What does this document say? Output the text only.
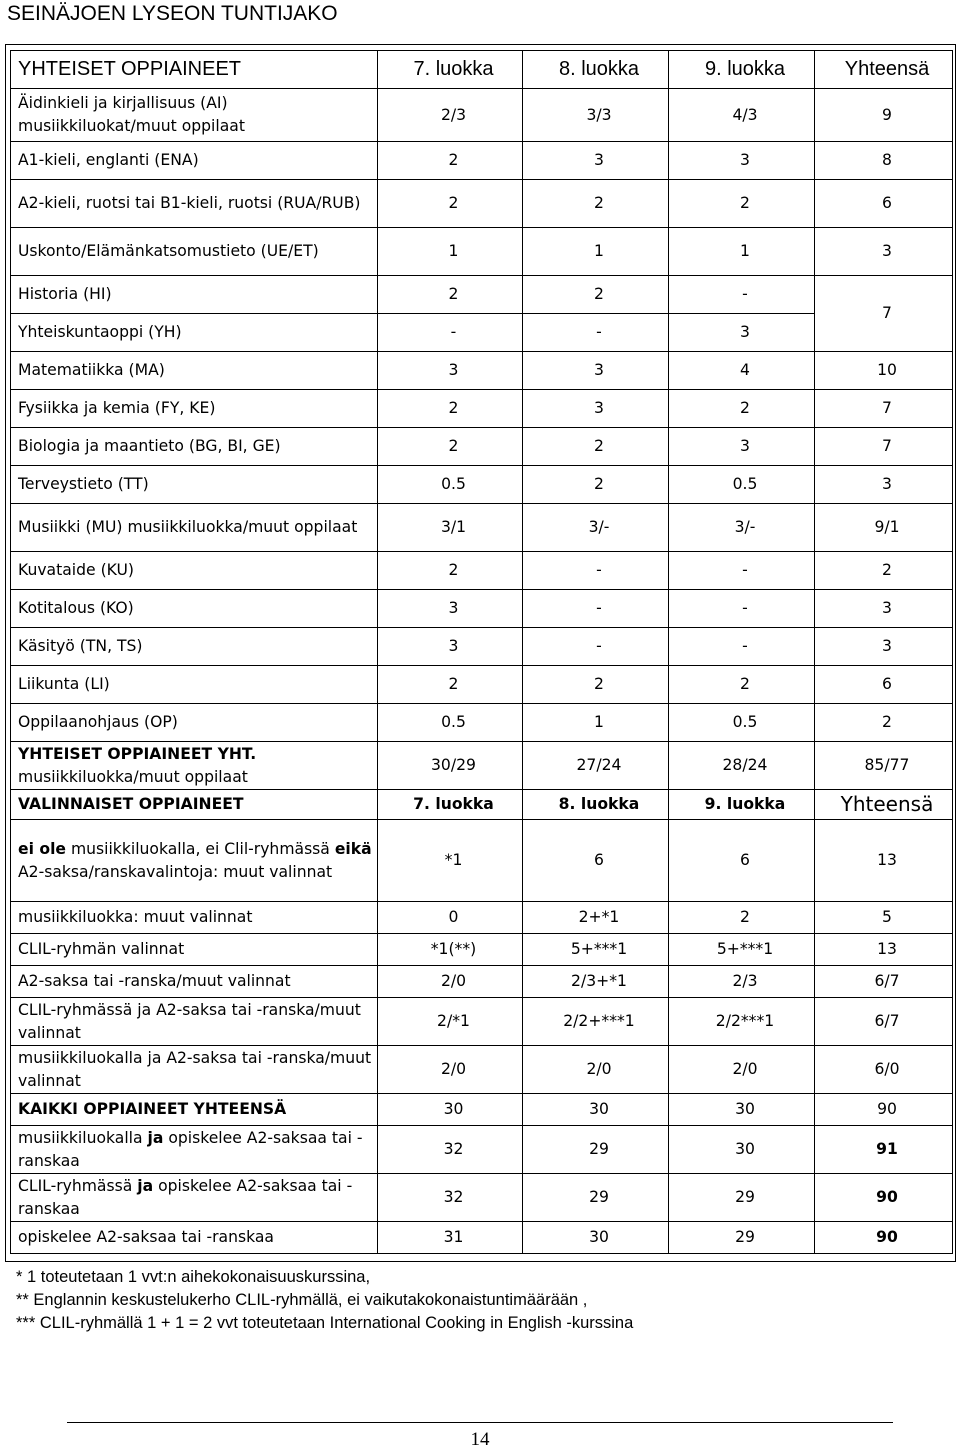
SEINÄJOEN LYSEON TUNTIJAKO
YHTEISET OPPIAINEET	7. luokka	8. luokka	9. luokka	Yhteensä
Äidinkieli ja kirjallisuus (AI) musiikkiluokat/muut oppilaat	2/3	3/3	4/3	9
A1-kieli, englanti (ENA)	2	3	3	8
A2-kieli, ruotsi tai B1-kieli, ruotsi (RUA/RUB)	2	2	2	6
Uskonto/Elämänkatsomustieto (UE/ET)	1	1	1	3
Historia (HI)	2	2	-	7
Yhteiskuntaoppi (YH)	-	-	3	
Matematiikka (MA)	3	3	4	10
Fysiikka ja kemia (FY, KE)	2	3	2	7
Biologia ja maantieto (BG, BI, GE)	2	2	3	7
Terveystieto (TT)	0.5	2	0.5	3
Musiikki (MU) musiikkiluokka/muut oppilaat	3/1	3/-	3/-	9/1
Kuvataide (KU)	2	-	-	2
Kotitalous (KO)	3	-	-	3
Käsityö (TN, TS)	3	-	-	3
Liikunta (LI)	2	2	2	6
Oppilaanohjaus (OP)	0.5	1	0.5	2
YHTEISET OPPIAINEET YHT.
musiikkiluokka/muut oppilaat	30/29	27/24	28/24	85/77
VALINNAISET OPPIAINEET	7. luokka	8. luokka	9. luokka	Yhteensä
ei ole musiikkiluokalla, ei Clil-ryhmässä eikä A2-saksa/ranskavalintoja: muut valinnat	*1	6	6	13
musiikkiluokka: muut valinnat	0	2+*1	2	5
CLIL-ryhmän valinnat	*1(**)	5+***1	5+***1	13
A2-saksa tai -ranska/muut valinnat	2/0	2/3+*1	2/3	6/7
CLIL-ryhmässä ja A2-saksa tai -ranska/muut valinnat	2/*1	2/2+***1	2/2***1	6/7
musiikkiluokalla ja A2-saksa tai -ranska/muut valinnat	2/0	2/0	2/0	6/0
KAIKKI OPPIAINEET YHTEENSÄ	30	30	30	90
musiikkiluokalla ja opiskelee A2-saksaa tai -ranskaa	32	29	30	91
CLIL-ryhmässä ja opiskelee A2-saksaa tai -ranskaa	32	29	29	90
opiskelee A2-saksaa tai -ranskaa	31	30	29	90
* 1 toteutetaan 1 vvt:n aihekokonaisuuskurssina,
** Englannin keskustelukerho CLIL-ryhmällä, ei vaikutakokonaistuntimäärään ,
*** CLIL-ryhmällä 1 + 1 = 2 vvt toteutetaan International Cooking in English -kurssina
14
